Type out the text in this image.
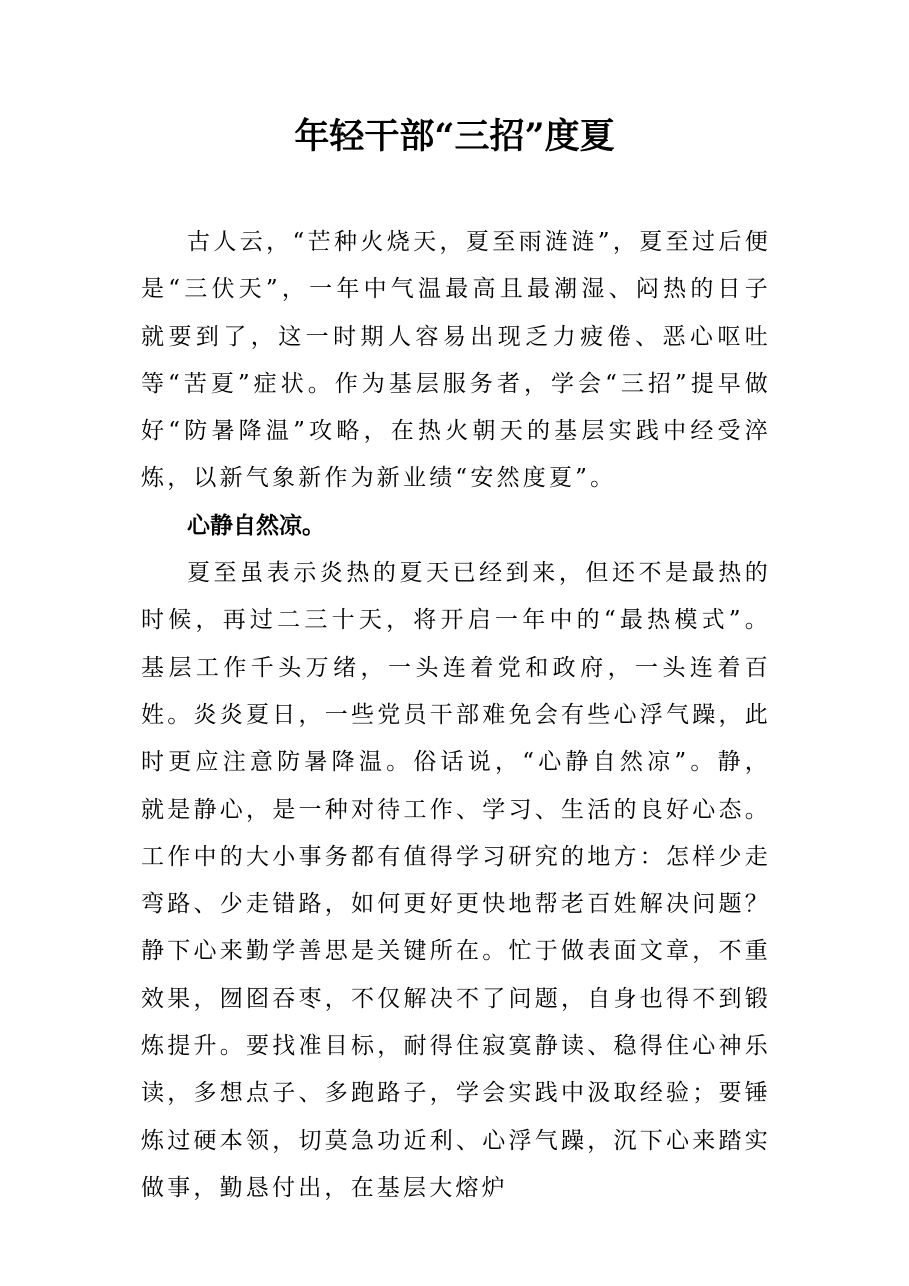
年轻干部“三招”度夏

古人云，“芒种火烧天，夏至雨涟涟”，夏至过后便是“三伏天”，一年中气温最高且最潮湿、闷热的日子就要到了，这一时期人容易出现乏力疲倦、恶心呕吐等“苦夏”症状。作为基层服务者，学会“三招”提早做好“防暑降温”攻略，在热火朝天的基层实践中经受淬炼，以新气象新作为新业绩“安然度夏”。

心静自然凉。

夏至虽表示炎热的夏天已经到来，但还不是最热的时候，再过二三十天，将开启一年中的“最热模式”。基层工作千头万绪，一头连着党和政府，一头连着百姓。炎炎夏日，一些党员干部难免会有些心浮气躁，此时更应注意防暑降温。俗话说，“心静自然凉”。静，就是静心，是一种对待工作、学习、生活的良好心态。工作中的大小事务都有值得学习研究的地方：怎样少走弯路、少走错路，如何更好更快地帮老百姓解决问题？静下心来勤学善思是关键所在。忙于做表面文章，不重效果，囫囵吞枣，不仅解决不了问题，自身也得不到锻炼提升。要找准目标，耐得住寂寞静读、稳得住心神乐读，多想点子、多跑路子，学会实践中汲取经验；要锤炼过硬本领，切莫急功近利、心浮气躁，沉下心来踏实做事，勤恳付出，在基层大熔炉
